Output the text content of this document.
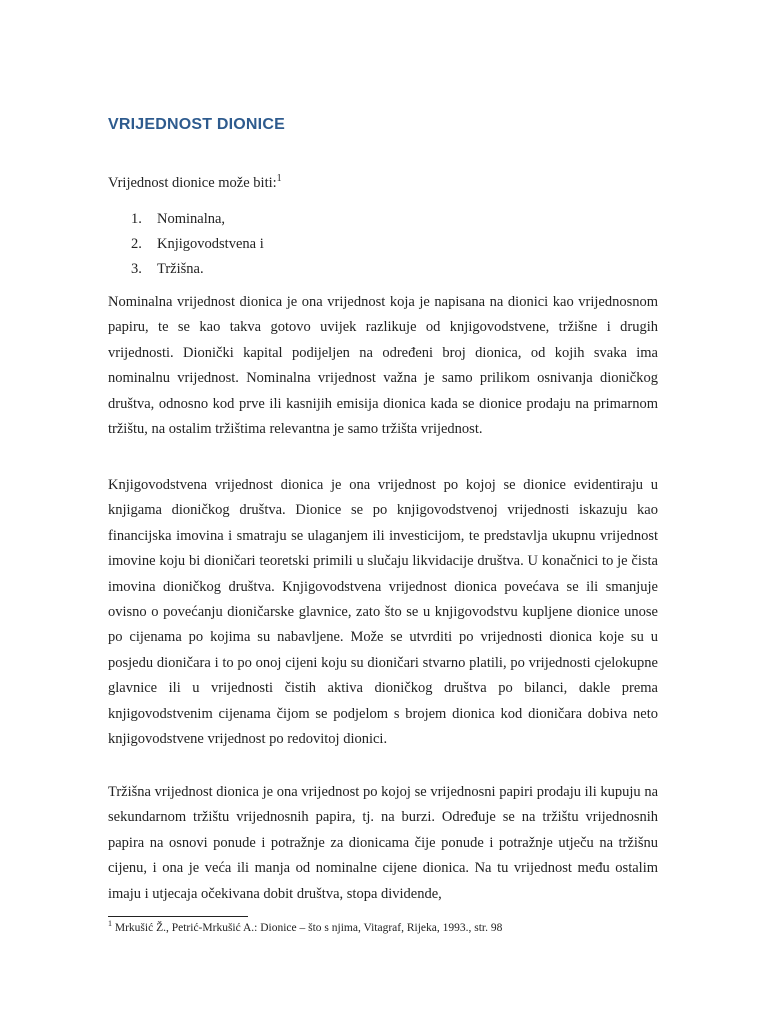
VRIJEDNOST DIONICE
Vrijednost dionice može biti:$^1$
1. Nominalna,
2. Knjigovodstvena i
3. Tržišna.

Nominalna vrijednost dionica je ona vrijednost koja je napisana na dionici kao vrijednosnom papiru, te se kao takva gotovo uvijek razlikuje od knjigovodstvene, tržišne i drugih vrijednosti. Dionički kapital podijeljen na određeni broj dionica, od kojih svaka ima nominalnu vrijednost. Nominalna vrijednost važna je samo prilikom osnivanja dioničkog društva, odnosno kod prve ili kasnijih emisija dionica kada se dionice prodaju na primarnom tržištu, na ostalim tržištima relevantna je samo tržišta vrijednost.

Knjigovodstvena vrijednost dionica je ona vrijednost po kojoj se dionice evidentiraju u knjigama dioničkog društva. Dionice se po knjigovodstvenoj vrijednosti iskazuju kao financijska imovina i smatraju se ulaganjem ili investicijom, te predstavlja ukupnu vrijednost imovine koju bi dioničari teoretski primili u slučaju likvidacije društva. U konačnici to je čista imovina dioničkog društva. Knjigovodstvena vrijednost dionica povećava se ili smanjuje ovisno o povećanju dioničarske glavnice, zato što se u knjigovodstvu kupljene dionice unose po cijenama po kojima su nabavljene. Može se utvrditi po vrijednosti dionica koje su u posjedu dioničara i to po onoj cijeni koju su dioničari stvarno platili, po vrijednosti cjelokupne glavnice ili u vrijednosti čistih aktiva dioničkog društva po bilanci, dakle prema knjigovodstvenim cijenama čijom se podjelom s brojem dionica kod dioničara dobiva neto knjigovodstvene vrijednost po redovitoj dionici.

Tržišna vrijednost dionica je ona vrijednost po kojoj se vrijednosni papiri prodaju ili kupuju na sekundarnom tržištu vrijednosnih papira, tj. na burzi. Određuje se na tržištu vrijednosnih papira na osnovi ponude i potražnje za dionicama čije ponude i potražnje utječu na tržišnu cijenu, i ona je veća ili manja od nominalne cijene dionica. Na tu vrijednost među ostalim imaju i utjecaja očekivana dobit društva, stopa dividende,

$^1$ Mrkušić Ž., Petrić-Mrkušić A.: Dionice – što s njima, Vitagraf, Rijeka, 1993., str. 98
